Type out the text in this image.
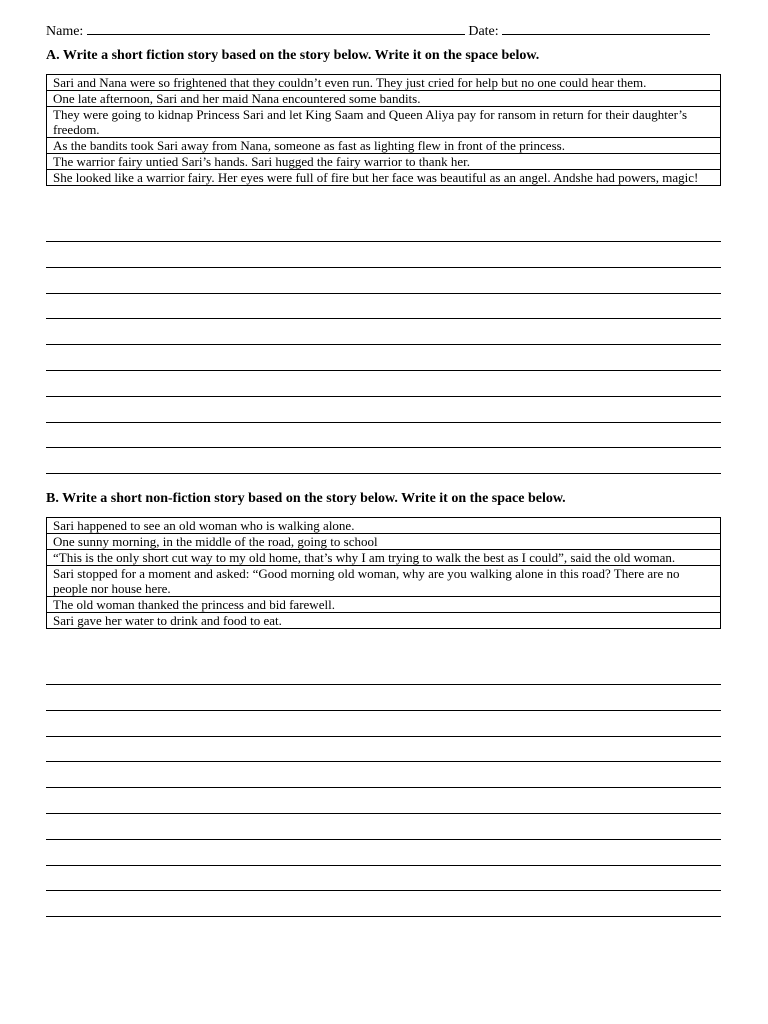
Name:	Date:
A. Write a short fiction story based on the story below. Write it on the space below.
Sari and Nana were so frightened that they couldn’t even run. They just cried for help but no one could hear them.
One late afternoon, Sari and her maid Nana encountered some bandits.
They were going to kidnap Princess Sari and let King Saam and Queen Aliya pay for ransom in return for their daughter’s freedom.
As the bandits took Sari away from Nana, someone as fast as lighting flew in front of the princess.
The warrior fairy untied Sari’s hands. Sari hugged the fairy warrior to thank her.
She looked like a warrior fairy. Her eyes were full of fire but her face was beautiful as an angel. Andshe had powers, magic!
B. Write a short non-fiction story based on the story below. Write it on the space below.
Sari happened to see an old woman who is walking alone.
One sunny morning, in the middle of the road, going to school
“This is the only short cut way to my old home, that’s why I am trying to walk the best as I could”, said the old woman.
Sari stopped for a moment and asked: “Good morning old woman, why are you walking alone in this road? There are no people nor house here.
The old woman thanked the princess and bid farewell.
Sari gave her water to drink and food to eat.
